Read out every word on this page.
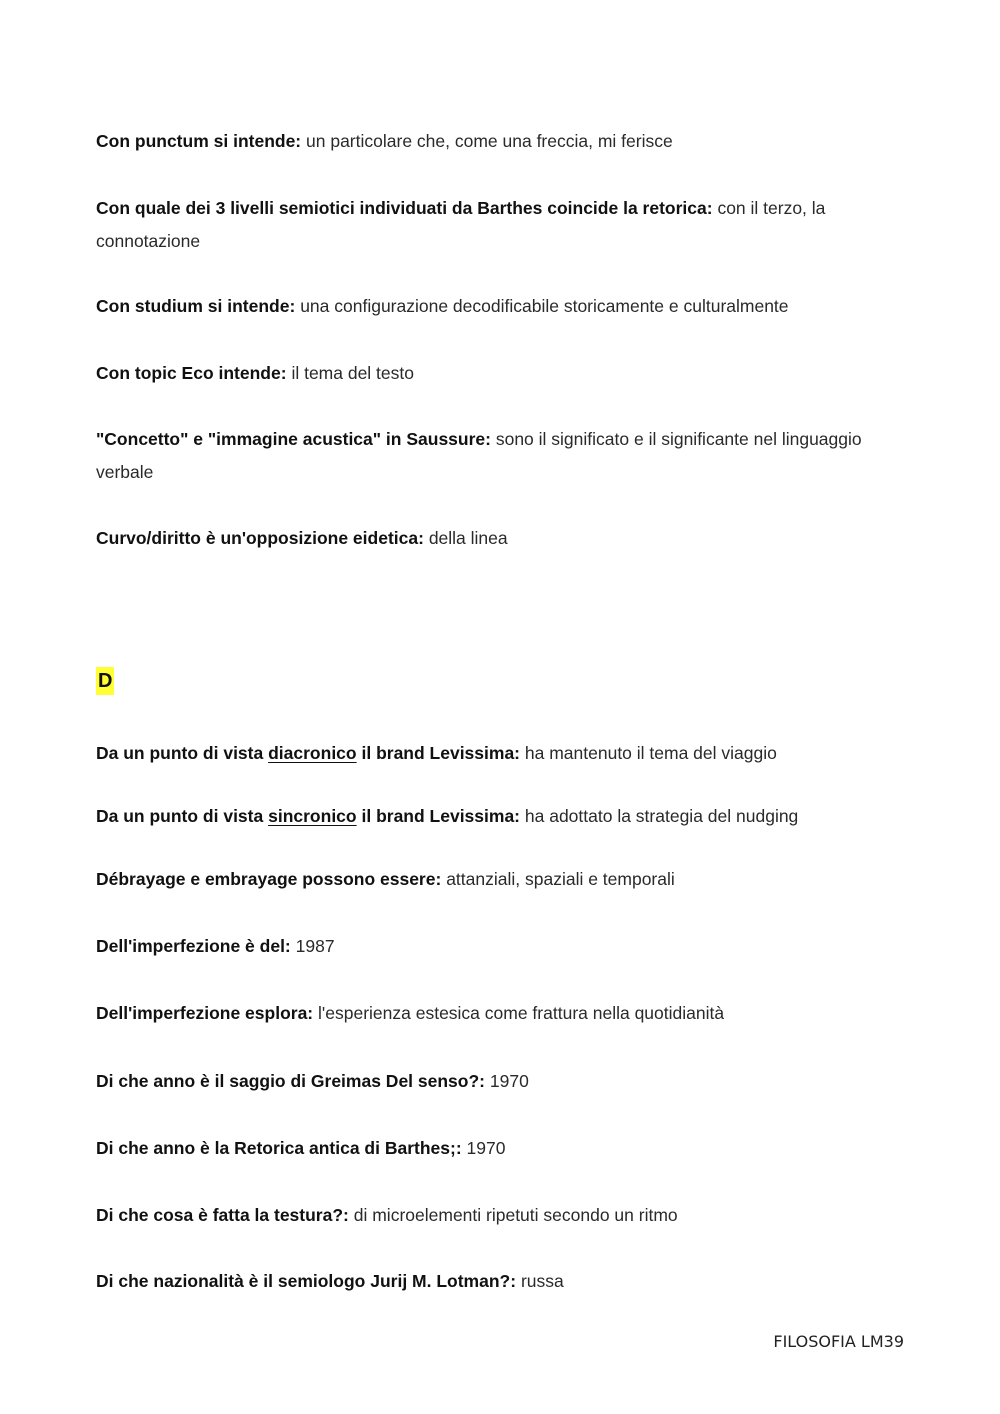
Con punctum si intende: un particolare che, come una freccia, mi ferisce

Con quale dei 3 livelli semiotici individuati da Barthes coincide la retorica: con il terzo, la connotazione

Con studium si intende: una configurazione decodificabile storicamente e culturalmente

Con topic Eco intende: il tema del testo

"Concetto" e "immagine acustica" in Saussure: sono il significato e il significante nel linguaggio verbale

Curvo/diritto è un'opposizione eidetica: della linea

D

Da un punto di vista diacronico il brand Levissima: ha mantenuto il tema del viaggio

Da un punto di vista sincronico il brand Levissima: ha adottato la strategia del nudging

Débrayage e embrayage possono essere: attanziali, spaziali e temporali

Dell'imperfezione è del: 1987

Dell'imperfezione esplora: l'esperienza estesica come frattura nella quotidianità

Di che anno è il saggio di Greimas Del senso?: 1970

Di che anno è la Retorica antica di Barthes;: 1970

Di che cosa è fatta la testura?: di microelementi ripetuti secondo un ritmo

Di che nazionalità è il semiologo Jurij M. Lotman?: russa

FILOSOFIA LM39
